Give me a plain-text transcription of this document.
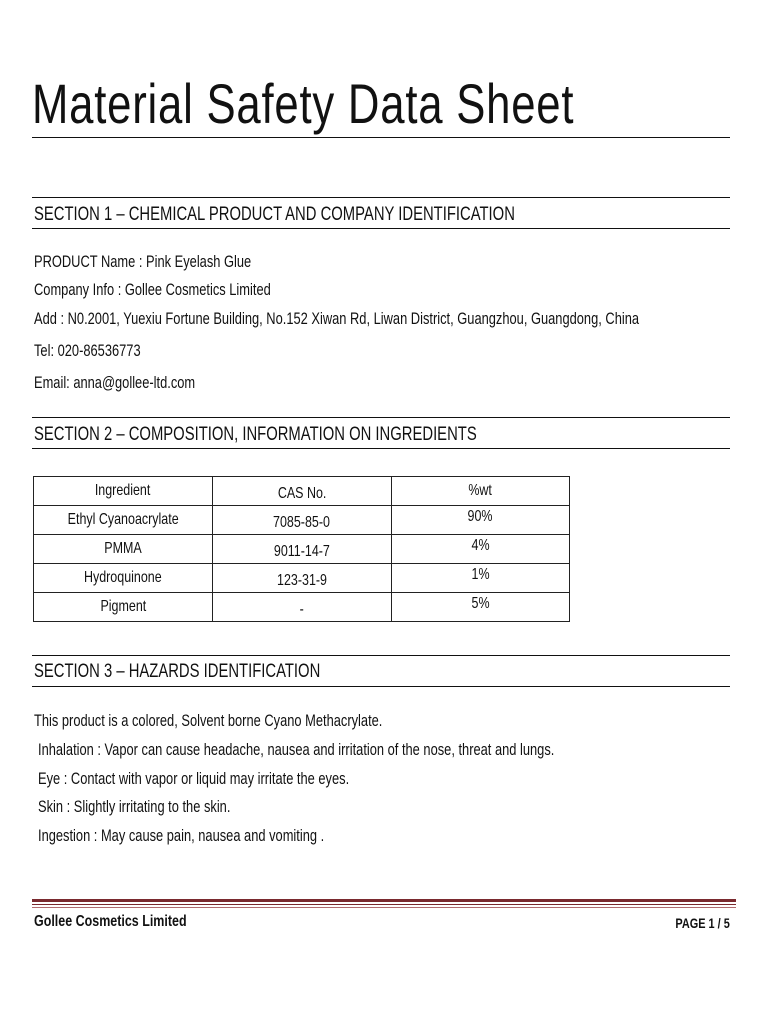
Material Safety Data Sheet
SECTION 1 – CHEMICAL PRODUCT AND COMPANY IDENTIFICATION
PRODUCT Name : Pink Eyelash Glue
Company Info : Gollee Cosmetics Limited
Add : N0.2001, Yuexiu Fortune Building, No.152 Xiwan Rd, Liwan District, Guangzhou, Guangdong, China
Tel: 020-86536773
Email: anna@gollee-ltd.com
SECTION 2 – COMPOSITION, INFORMATION ON INGREDIENTS
Ingredient	CAS No.	%wt
Ethyl Cyanoacrylate	7085-85-0	90%
PMMA	9011-14-7	4%
Hydroquinone	123-31-9	1%
Pigment	-	5%
SECTION 3 – HAZARDS IDENTIFICATION
This product is a colored, Solvent borne Cyano Methacrylate.
Inhalation : Vapor can cause headache, nausea and irritation of the nose, threat and lungs.
Eye : Contact with vapor or liquid may irritate the eyes.
Skin : Slightly irritating to the skin.
Ingestion : May cause pain, nausea and vomiting .
Gollee Cosmetics Limited	PAGE 1 / 5
